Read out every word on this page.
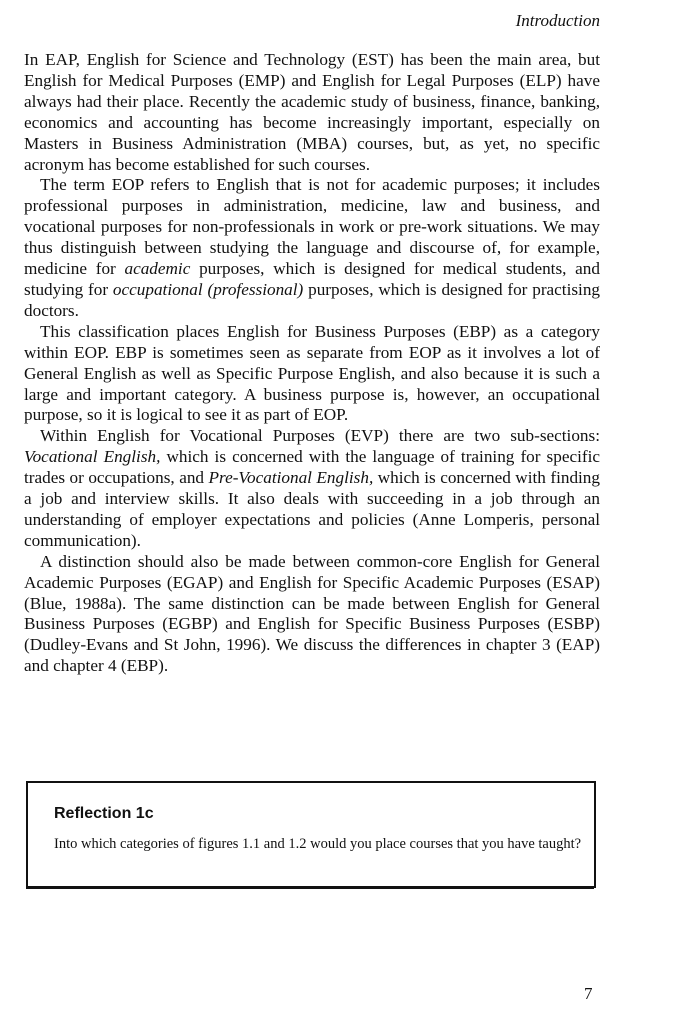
Introduction

In EAP, English for Science and Technology (EST) has been the main area, but English for Medical Purposes (EMP) and English for Legal Purposes (ELP) have always had their place. Recently the academic study of business, finance, banking, economics and accounting has become increasingly important, especially on Masters in Business Administration (MBA) courses, but, as yet, no specific acronym has become established for such courses.

The term EOP refers to English that is not for academic purposes; it includes professional purposes in administration, medicine, law and business, and vocational purposes for non-professionals in work or pre-work situations. We may thus distinguish between studying the language and discourse of, for example, medicine for academic purposes, which is designed for medical students, and studying for occupational (professional) purposes, which is designed for practising doctors.

This classification places English for Business Purposes (EBP) as a category within EOP. EBP is sometimes seen as separate from EOP as it involves a lot of General English as well as Specific Purpose English, and also because it is such a large and important category. A business purpose is, however, an occupational purpose, so it is logical to see it as part of EOP.

Within English for Vocational Purposes (EVP) there are two sub-sections: Vocational English, which is concerned with the language of training for specific trades or occupations, and Pre-Vocational English, which is concerned with finding a job and interview skills. It also deals with succeeding in a job through an understanding of employer expectations and policies (Anne Lomperis, personal communication).

A distinction should also be made between common-core English for General Academic Purposes (EGAP) and English for Specific Academic Purposes (ESAP) (Blue, 1988a). The same distinction can be made between English for General Business Purposes (EGBP) and English for Specific Business Purposes (ESBP) (Dudley-Evans and St John, 1996). We discuss the differences in chapter 3 (EAP) and chapter 4 (EBP).

Reflection 1c
Into which categories of figures 1.1 and 1.2 would you place courses that you have taught?
7
